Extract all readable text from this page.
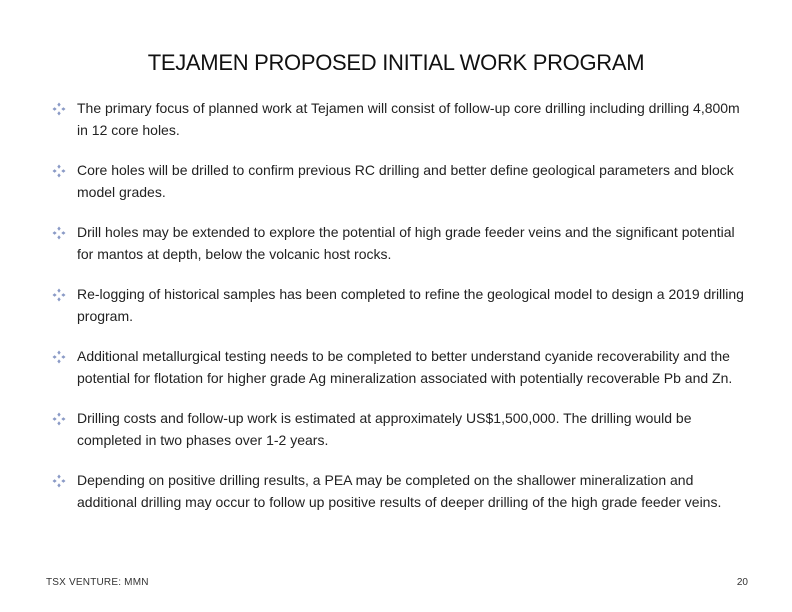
TEJAMEN PROPOSED INITIAL WORK PROGRAM
The primary focus of planned work at Tejamen will consist of follow-up core drilling including drilling 4,800m in 12 core holes.
Core holes will be drilled to confirm previous RC drilling and better define geological parameters and block model grades.
Drill holes may be extended to explore the potential of high grade feeder veins and the significant potential for mantos at depth, below the volcanic host rocks.
Re-logging of historical samples has been completed to refine the geological model to design a 2019 drilling program.
Additional metallurgical testing needs to be completed to better understand cyanide recoverability and the potential for flotation for higher grade Ag mineralization associated with potentially recoverable Pb and Zn.
Drilling costs and follow-up work is estimated at approximately US$1,500,000. The drilling would be completed in two phases over 1-2 years.
Depending on positive drilling results, a PEA may be completed on the shallower mineralization and additional drilling may occur to follow up positive results of deeper drilling of the high grade feeder veins.
TSX VENTURE: MMN	20
